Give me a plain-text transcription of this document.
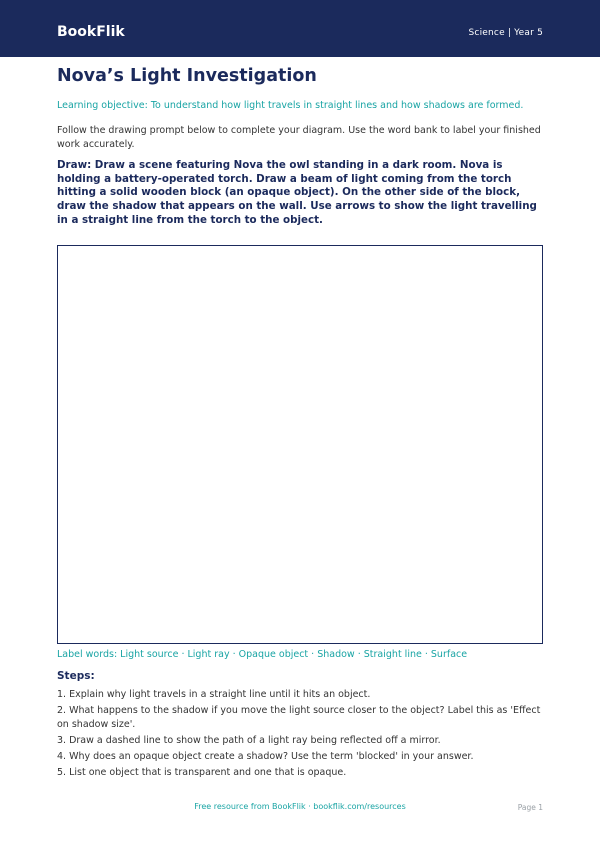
BookFlik	Science | Year 5
Nova’s Light Investigation
Learning objective: To understand how light travels in straight lines and how shadows are formed.
Follow the drawing prompt below to complete your diagram. Use the word bank to label your finished work accurately.
Draw: Draw a scene featuring Nova the owl standing in a dark room. Nova is holding a battery-operated torch. Draw a beam of light coming from the torch hitting a solid wooden block (an opaque object). On the other side of the block, draw the shadow that appears on the wall. Use arrows to show the light travelling in a straight line from the torch to the object.
Label words: Light source · Light ray · Opaque object · Shadow · Straight line · Surface
Steps:
1. Explain why light travels in a straight line until it hits an object.
2. What happens to the shadow if you move the light source closer to the object? Label this as 'Effect on shadow size'.
3. Draw a dashed line to show the path of a light ray being reflected off a mirror.
4. Why does an opaque object create a shadow? Use the term 'blocked' in your answer.
5. List one object that is transparent and one that is opaque.
Free resource from BookFlik · bookflik.com/resources	Page 1
